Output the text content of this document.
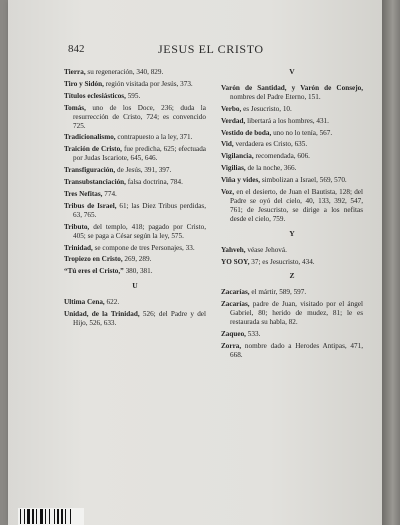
842	JESUS EL CRISTO
Tierra, su regeneración, 340, 829.
Tiro y Sidón, región visitada por Jesús, 373.
Títulos eclesiásticos, 595.
Tomás, uno de los Doce, 236; duda la resurrección de Cristo, 724; es convencido 725.
Tradicionalismo, contrapuesto a la ley, 371.
Traición de Cristo, fue predicha, 625; efectuada por Judas Iscariote, 645, 646.
Transfiguración, de Jesús, 391, 397.
Transubstanciación, falsa doctrina, 784.
Tres Nefitas, 774.
Tribus de Israel, 61; las Diez Tribus perdidas, 63, 765.
Tributo, del templo, 418; pagado por Cristo, 405; se paga a César según la ley, 575.
Trinidad, se compone de tres Personajes, 33.
Tropiezo en Cristo, 269, 289.
“Tú eres el Cristo,” 380, 381.
U
Ultima Cena, 622.
Unidad, de la Trinidad, 526; del Padre y del Hijo, 526, 633.
V
Varón de Santidad, y Varón de Consejo, nombres del Padre Eterno, 151.
Verbo, es Jesucristo, 10.
Verdad, libertará a los hombres, 431.
Vestido de boda, uno no lo tenía, 567.
Vid, verdadera es Cristo, 635.
Vigilancia, recomendada, 606.
Vigilias, de la noche, 366.
Viña y vides, simbolizan a Israel, 569, 570.
Voz, en el desierto, de Juan el Bautista, 128; del Padre se oyó del cielo, 40, 133, 392, 547, 761; de Jesucristo, se dirige a los nefitas desde el cielo, 759.
Y
Yahveh, véase Jehová.
YO SOY, 37; es Jesucristo, 434.
Z
Zacarías, el mártir, 589, 597.
Zacarías, padre de Juan, visitado por el ángel Gabriel, 80; herido de mudez, 81; le es restaurada su habla, 82.
Zaqueo, 533.
Zorra, nombre dado a Herodes Antipas, 471, 668.
